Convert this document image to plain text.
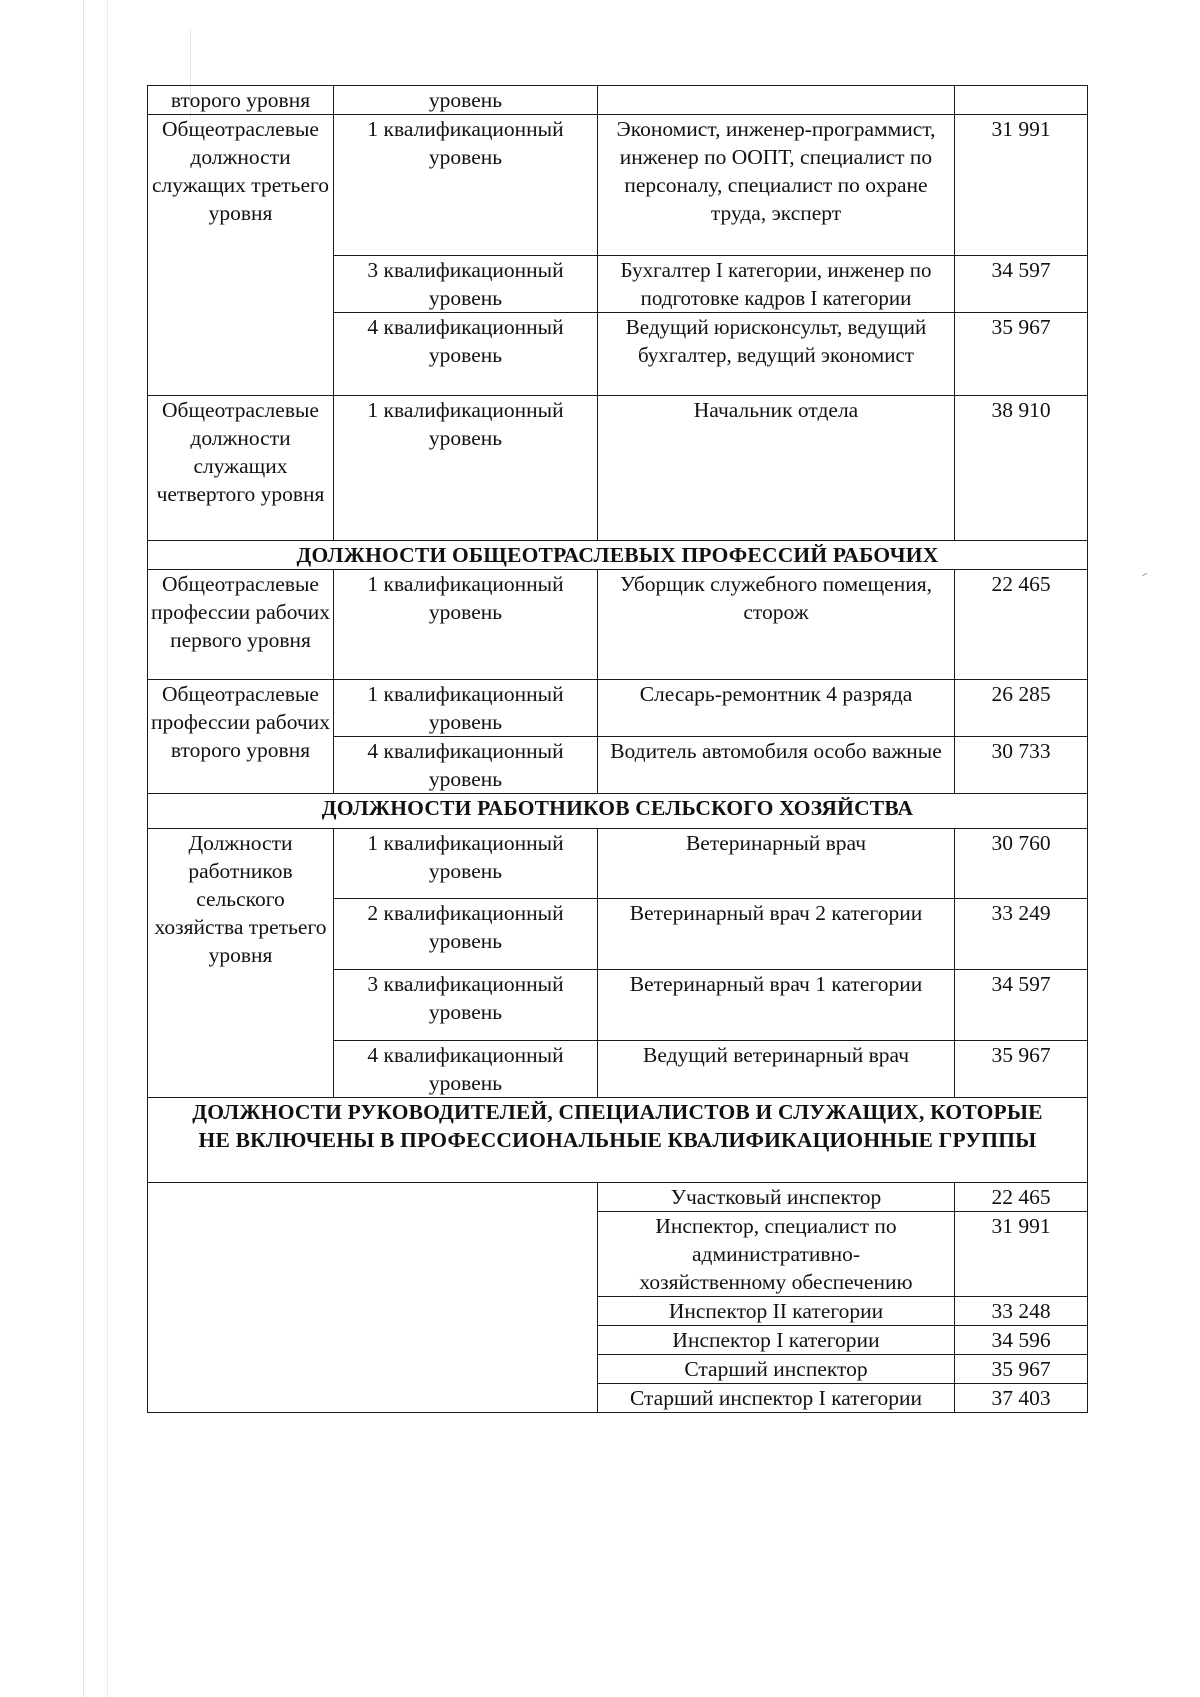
второго уровня	уровень		
Общеотраслевые должности служащих третьего уровня	1 квалификационный уровень	Экономист, инженер-программист, инженер по ООПТ, специалист по персоналу, специалист по охране труда, эксперт	31 991
	3 квалификационный уровень	Бухгалтер I категории, инженер по подготовке кадров I категории	34 597
	4 квалификационный уровень	Ведущий юрисконсульт, ведущий бухгалтер, ведущий экономист	35 967
Общеотраслевые должности служащих четвертого уровня	1 квалификационный уровень	Начальник отдела	38 910
ДОЛЖНОСТИ ОБЩЕОТРАСЛЕВЫХ ПРОФЕССИЙ РАБОЧИХ			
Общеотраслевые профессии рабочих первого уровня	1 квалификационный уровень	Уборщик служебного помещения, сторож	22 465
Общеотраслевые профессии рабочих второго уровня	1 квалификационный уровень	Слесарь-ремонтник 4 разряда	26 285
	4 квалификационный уровень	Водитель автомобиля особо важные	30 733
ДОЛЖНОСТИ РАБОТНИКОВ СЕЛЬСКОГО ХОЗЯЙСТВА			
Должности работников сельского хозяйства третьего уровня	1 квалификационный уровень	Ветеринарный врач	30 760
	2 квалификационный уровень	Ветеринарный врач 2 категории	33 249
	3 квалификационный уровень	Ветеринарный врач 1 категории	34 597
	4 квалификационный уровень	Ведущий ветеринарный врач	35 967
ДОЛЖНОСТИ РУКОВОДИТЕЛЕЙ, СПЕЦИАЛИСТОВ И СЛУЖАЩИХ, КОТОРЫЕ НЕ ВКЛЮЧЕНЫ В ПРОФЕССИОНАЛЬНЫЕ КВАЛИФИКАЦИОННЫЕ ГРУППЫ			
		Участковый инспектор	22 465
		Инспектор, специалист по административно-хозяйственному обеспечению	31 991
		Инспектор II категории	33 248
		Инспектор I категории	34 596
		Старший инспектор	35 967
		Старший инспектор I категории	37 403
